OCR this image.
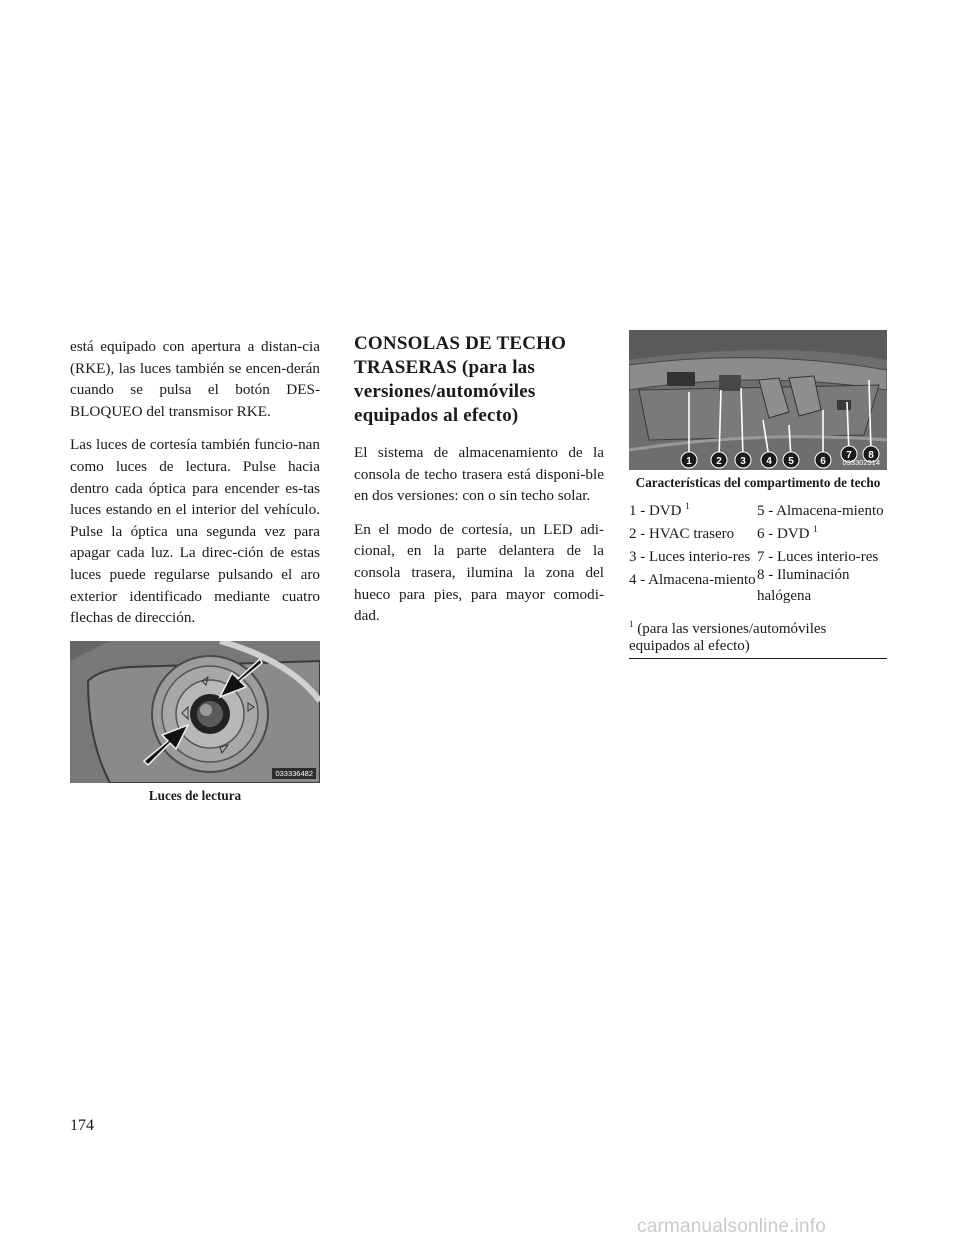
está equipado con apertura a distan-cia (RKE), las luces también se encen-derán cuando se pulsa el botón DES-BLOQUEO del transmisor RKE.

Las luces de cortesía también funcio-nan como luces de lectura. Pulse hacia dentro cada óptica para encender es-tas luces estando en el interior del vehículo. Pulse la óptica una segunda vez para apagar cada luz. La direc-ción de estas luces puede regularse pulsando el aro exterior identificado mediante cuatro flechas de dirección.

033336482
Luces de lectura
CONSOLAS DE TECHO TRASERAS (para las versiones/automóviles equipados al efecto)

El sistema de almacenamiento de la consola de techo trasera está disponi-ble en dos versiones: con o sin techo solar.

En el modo de cortesía, un LED adi-cional, en la parte delantera de la consola trasera, ilumina la zona del hueco para pies, para mayor comodi-dad.

1 2 3 4 5	6
7 8
033302314
Características del compartimento de techo
1 - DVD $^1$	5 - Almacena-miento
2 - HVAC trasero	6 - DVD $^1$
3 - Luces interio-res	7 - Luces interio-res
4 - Almacena-miento	8 - Iluminación halógena
$^1$ (para las versiones/automóviles equipados al efecto)
174
carmanualsonline.info
